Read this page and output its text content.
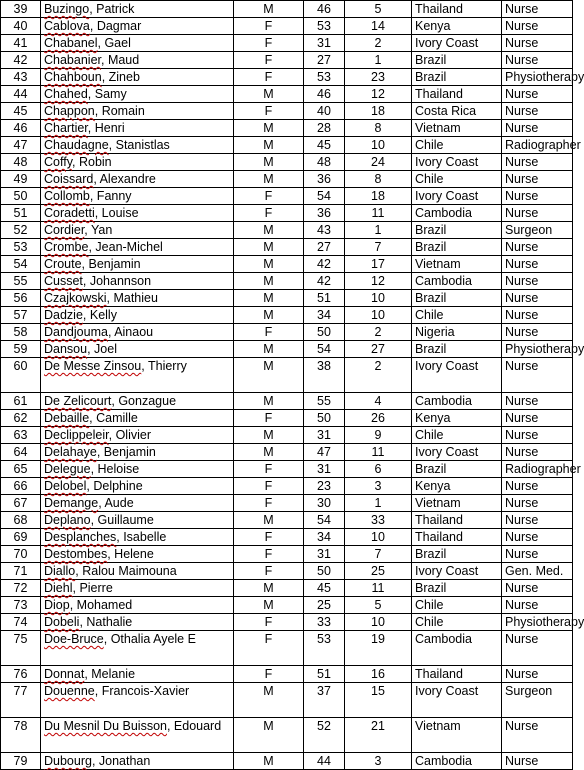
39	Buzingo, Patrick	M	46	5	Thailand	Nurse
40	Cablova, Dagmar	F	53	14	Kenya	Nurse
41	Chabanel, Gael	F	31	2	Ivory Coast	Nurse
42	Chabanier, Maud	F	27	1	Brazil	Nurse
43	Chahboun, Zineb	F	53	23	Brazil	Physiotherapy
44	Chahed, Samy	M	46	12	Thailand	Nurse
45	Chappon, Romain	F	40	18	Costa Rica	Nurse
46	Chartier, Henri	M	28	8	Vietnam	Nurse
47	Chaudagne, Stanistlas	M	45	10	Chile	Radiographer
48	Coffy, Robin	M	48	24	Ivory Coast	Nurse
49	Coissard, Alexandre	M	36	8	Chile	Nurse
50	Collomb, Fanny	F	54	18	Ivory Coast	Nurse
51	Coradetti, Louise	F	36	11	Cambodia	Nurse
52	Cordier, Yan	M	43	1	Brazil	Surgeon
53	Crombe, Jean-Michel	M	27	7	Brazil	Nurse
54	Croute, Benjamin	M	42	17	Vietnam	Nurse
55	Cusset, Johannson	M	42	12	Cambodia	Nurse
56	Czajkowski, Mathieu	M	51	10	Brazil	Nurse
57	Dadzie, Kelly	M	34	10	Chile	Nurse
58	Dandjouma, Ainaou	F	50	2	Nigeria	Nurse
59	Dansou, Joel	M	54	27	Brazil	Physiotherapy
60	De Messe Zinsou, Thierry	M	38	2	Ivory Coast	Nurse
61	De Zelicourt, Gonzague	M	55	4	Cambodia	Nurse
62	Debaille, Camille	F	50	26	Kenya	Nurse
63	Declippeleir, Olivier	M	31	9	Chile	Nurse
64	Delahaye, Benjamin	M	47	11	Ivory Coast	Nurse
65	Delegue, Heloise	F	31	6	Brazil	Radiographer
66	Delobel, Delphine	F	23	3	Kenya	Nurse
67	Demange, Aude	F	30	1	Vietnam	Nurse
68	Deplano, Guillaume	M	54	33	Thailand	Nurse
69	Desplanches, Isabelle	F	34	10	Thailand	Nurse
70	Destombes, Helene	F	31	7	Brazil	Nurse
71	Diallo, Ralou Maimouna	F	50	25	Ivory Coast	Gen. Med.
72	Diehl, Pierre	M	45	11	Brazil	Nurse
73	Diop, Mohamed	M	25	5	Chile	Nurse
74	Dobeli, Nathalie	F	33	10	Chile	Physiotherapy
75	Doe-Bruce, Othalia Ayele E	F	53	19	Cambodia	Nurse
76	Donnat, Melanie	F	51	16	Thailand	Nurse
77	Douenne, Francois-Xavier	M	37	15	Ivory Coast	Surgeon
78	Du Mesnil Du Buisson, Edouard	M	52	21	Vietnam	Nurse
79	Dubourg, Jonathan	M	44	3	Cambodia	Nurse
